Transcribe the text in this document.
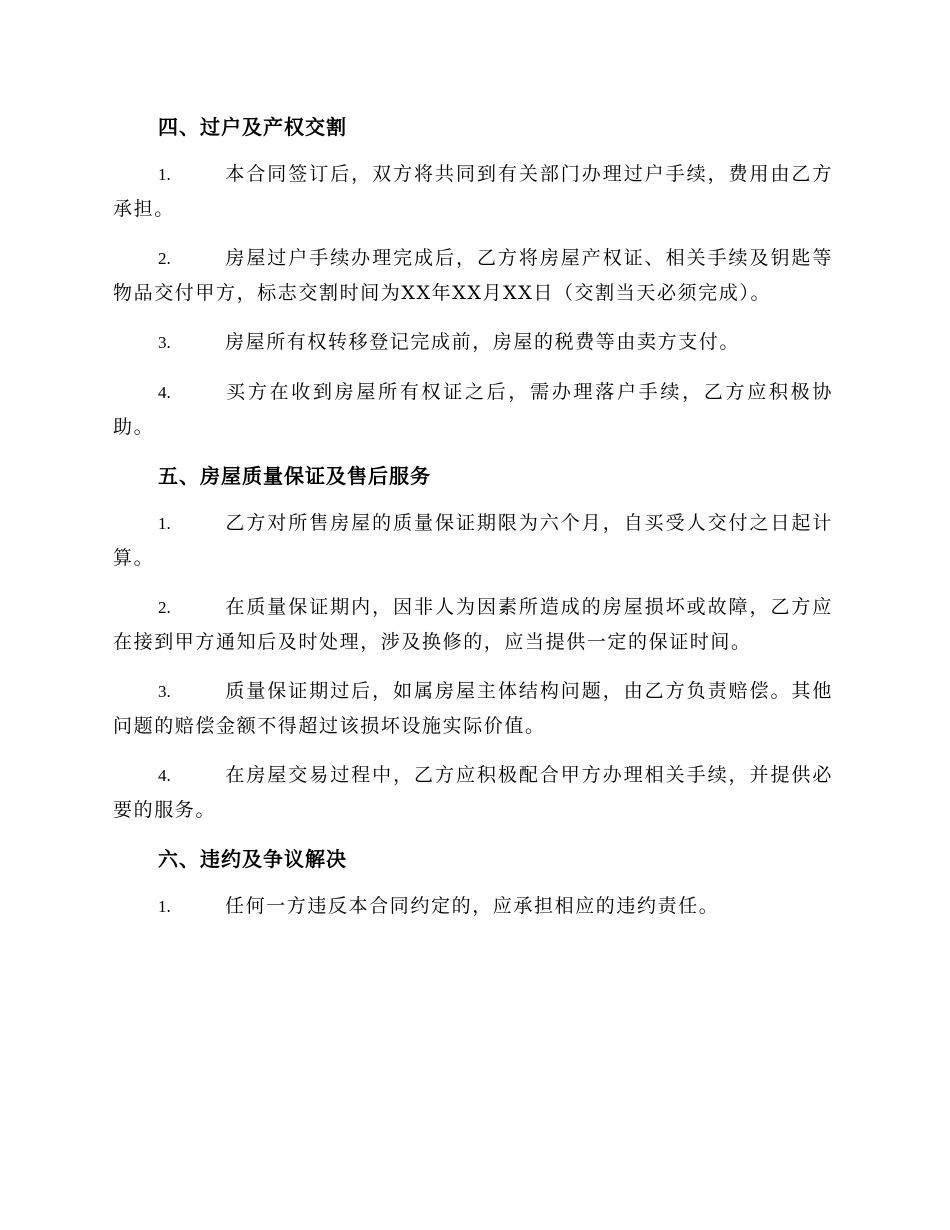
四、过户及产权交割

1.	本合同签订后，双方将共同到有关部门办理过户手续，费用由乙方承担。

2.	房屋过户手续办理完成后，乙方将房屋产权证、相关手续及钥匙等物品交付甲方，标志交割时间为XX年XX月XX日（交割当天必须完成）。

3.	房屋所有权转移登记完成前，房屋的税费等由卖方支付。

4.	买方在收到房屋所有权证之后，需办理落户手续，乙方应积极协助。

五、房屋质量保证及售后服务

1.	乙方对所售房屋的质量保证期限为六个月，自买受人交付之日起计算。

2.	在质量保证期内，因非人为因素所造成的房屋损坏或故障，乙方应在接到甲方通知后及时处理，涉及换修的，应当提供一定的保证时间。

3.	质量保证期过后，如属房屋主体结构问题，由乙方负责赔偿。其他问题的赔偿金额不得超过该损坏设施实际价值。

4.	在房屋交易过程中，乙方应积极配合甲方办理相关手续，并提供必要的服务。

六、违约及争议解决

1.	任何一方违反本合同约定的，应承担相应的违约责任。
